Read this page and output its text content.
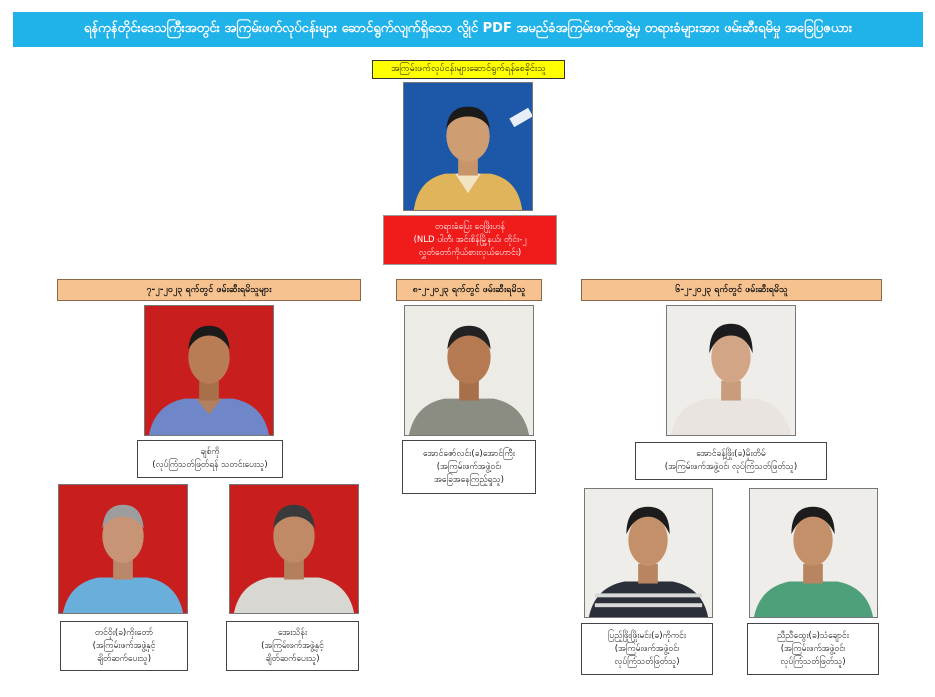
ရန်ကုန်တိုင်းဒေသကြီးအတွင်း အကြမ်းဖက်လုပ်ငန်းများ ဆောင်ရွက်လျက်ရှိသော လွိုင် PDF အမည်ခံအကြမ်းဖက်အဖွဲ့မှ တရားခံများအား ဖမ်းဆီးရမိမှု အခြေပြဇယား
အကြမ်းဖက်လုပ်ငန်းများဆောင်ရွက်ရန်စေခိုင်းသူ
တရားခံပြေး ဝေဖြိုးဟန်
(NLD ပါတီ၊ အင်းစိန်မြို့နယ်၊ တိုင်း-၂
လွှတ်တော်ကိုယ်စားလှယ်ဟောင်း)
၇-၂-၂၀၂၃ ရက်တွင် ဖမ်းဆီးရမိသူများ	၈-၂-၂၀၂၃ ရက်တွင် ဖမ်းဆီးရမိသူ	၆-၂-၂၀၂၃ ရက်တွင် ဖမ်းဆီးရမိသူ
ချစ်ကို
(လုပ်ကြံသတ်ဖြတ်ရန် သတင်းပေးသူ)
တင်ဝိုး(ခ)ကိုးတော်
(အကြမ်းဖက်အဖွဲ့နှင့်
ချိတ်ဆက်ပေးသူ)
အေးသိန်း
(အကြမ်းဖက်အဖွဲ့နှင့်
ချိတ်ဆက်ပေးသူ)
အောင်ဇော်လင်း(ခ)အောင်ကြီး
(အကြမ်းဖက်အဖွဲ့ဝင်၊
အခြေအနေကြည့်ရှုသူ)
အောင်ခန့်ဖြိုး(ခ)မိုးတိမ်
(အကြမ်းဖက်အဖွဲ့ဝင်၊ လုပ်ကြံသတ်ဖြတ်သူ)
ပြည့်ဖြိုးဖြိုးမင်း(ခ)ကိုကင်း
(အကြမ်းဖက်အဖွဲ့ဝင်၊
လုပ်ကြံသတ်ဖြတ်သူ)
ညီညီထွေး(ခ)သံချောင်း
(အကြမ်းဖက်အဖွဲ့ဝင်၊
လုပ်ကြံသတ်ဖြတ်သူ)
